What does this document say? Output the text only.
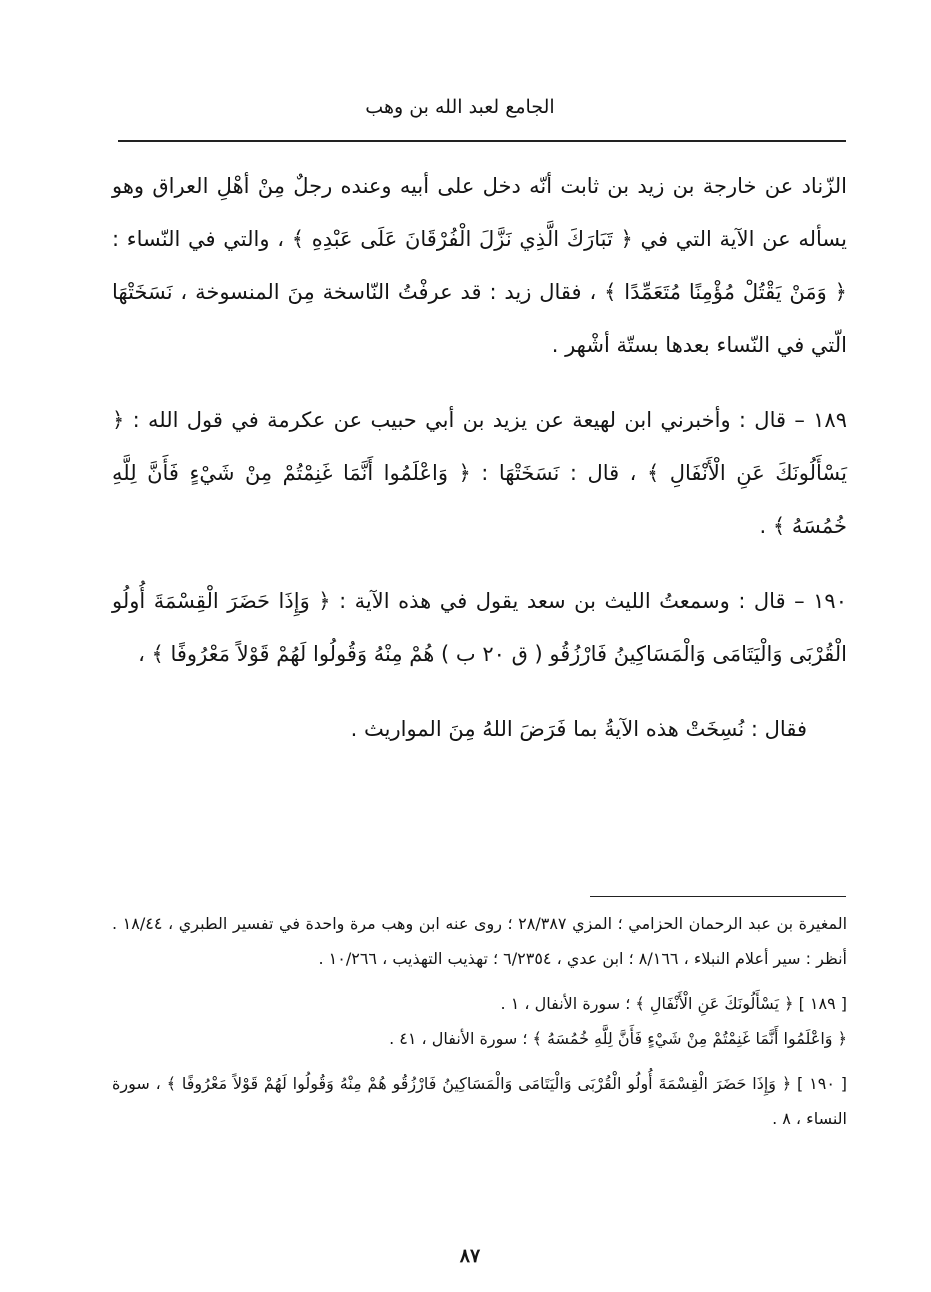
الجامع لعبد الله بن وهب

الزّناد عن خارجة بن زيد بن ثابت أنّه دخل على أبيه وعنده رجلٌ مِنْ أهْلِ العراق وهو يسأله عن الآية التي في ﴿ تَبَارَكَ الَّذِي نَزَّلَ الْفُرْقَانَ عَلَى عَبْدِهِ ﴾ ، والتي في النّساء : ﴿ وَمَنْ يَقْتُلْ مُؤْمِنًا مُتَعَمِّدًا ﴾ ، فقال زيد : قد عرفْتُ النّاسخة مِنَ المنسوخة ، نَسَخَتْهَا الّتي في النّساء بعدها بستّة أشْهر .

١٨٩ – قال : وأخبرني ابن لهيعة عن يزيد بن أبي حبيب عن عكرمة في قول الله : ﴿ يَسْأَلُونَكَ عَنِ الْأَنْفَالِ ﴾ ، قال : نَسَخَتْهَا : ﴿ وَاعْلَمُوا أَنَّمَا غَنِمْتُمْ مِنْ شَيْءٍ فَأَنَّ لِلَّهِ خُمُسَهُ ﴾ .

١٩٠ – قال : وسمعتُ الليث بن سعد يقول في هذه الآية : ﴿ وَإِذَا حَضَرَ الْقِسْمَةَ أُولُو الْقُرْبَى وَالْيَتَامَى وَالْمَسَاكِينُ فَارْزُقُو ( ق ٢٠ ب ) هُمْ مِنْهُ وَقُولُوا لَهُمْ قَوْلاً مَعْرُوفًا ﴾ ،

فقال : نُسِخَتْ هذه الآيةُ بما فَرَضَ اللهُ مِنَ المواريث .

المغيرة بن عبد الرحمان الحزامي ؛ المزي ٢٨/٣٨٧ ؛ روى عنه ابن وهب مرة واحدة في تفسير الطبري ، ١٨/٤٤ . أنظر : سير أعلام النبلاء ، ٨/١٦٦ ؛ ابن عدي ، ٦/٢٣٥٤ ؛ تهذيب التهذيب ، ١٠/٢٦٦ .

[ ١٨٩ ] ﴿ يَسْأَلُونَكَ عَنِ الْأَنْفَالِ ﴾ ؛ سورة الأنفال ، ١ .

﴿ وَاعْلَمُوا أَنَّمَا غَنِمْتُمْ مِنْ شَيْءٍ فَأَنَّ لِلَّهِ خُمُسَهُ ﴾ ؛ سورة الأنفال ، ٤١ .

[ ١٩٠ ] ﴿ وَإِذَا حَضَرَ الْقِسْمَةَ أُولُو الْقُرْبَى وَالْيَتَامَى وَالْمَسَاكِينُ فَارْزُقُو هُمْ مِنْهُ وَقُولُوا لَهُمْ قَوْلاً مَعْرُوفًا ﴾ ، سورة النساء ، ٨ .

٨٧
